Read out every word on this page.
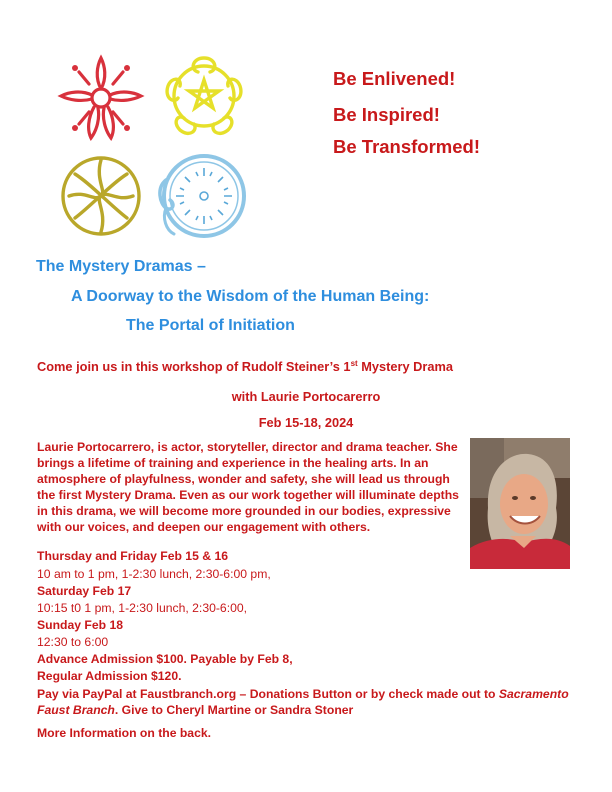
Be Enlivened!

Be Inspired!

Be Transformed!

The Mystery Dramas –

A Doorway to the Wisdom of the Human Being:

The Portal of Initiation

Come join us in this workshop of Rudolf Steiner’s 1st Mystery Drama

with Laurie Portocarerro

Feb 15-18, 2024

Laurie Portocarrero, is actor, storyteller, director and drama teacher. She brings a lifetime of training and experience in the healing arts. In an atmosphere of playfulness, wonder and safety, she will lead us through the first Mystery Drama. Even as our work together will illuminate depths in this drama, we will become more grounded in our bodies, expressive with our voices, and deepen our engagement with others.

Thursday and Friday Feb 15 & 16

10 am to 1 pm, 1-2:30 lunch, 2:30-6:00 pm,

Saturday Feb 17

10:15 t0 1 pm, 1-2:30 lunch, 2:30-6:00,

Sunday Feb 18

12:30 to 6:00

Advance Admission $100. Payable by Feb 8,

Regular Admission $120.

Pay via PayPal at Faustbranch.org – Donations Button or by check made out to Sacramento Faust Branch. Give to Cheryl Martine or Sandra Stoner

More Information on the back.
